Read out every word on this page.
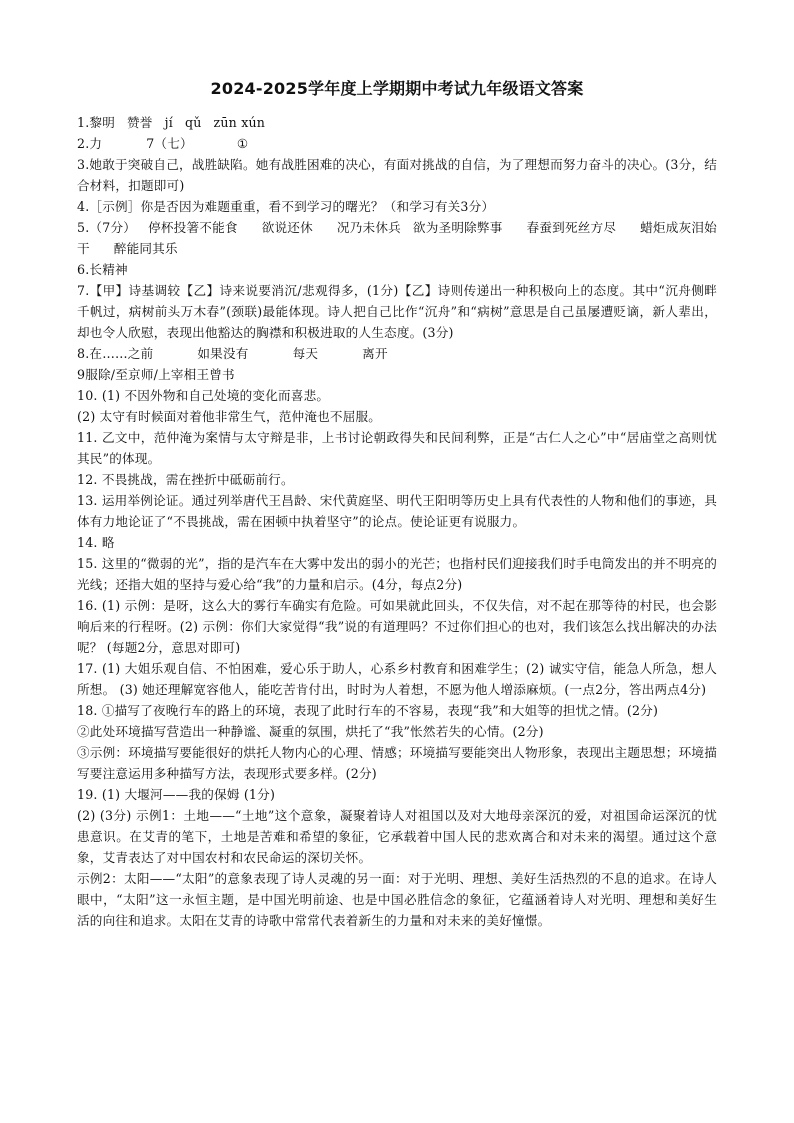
2024-2025学年度上学期期中考试九年级语文答案

1.黎明 赞誉 jí qǔ zūn xún

2.力	7（七）	①

3.她敢于突破自己，战胜缺陷。她有战胜困难的决心，有面对挑战的自信，为了理想而努力奋斗的决心。(3分，结合材料，扣题即可)

4.［示例］你是否因为难题重重，看不到学习的曙光？（和学习有关3分）

5.（7分） 停杯投箸不能食 欲说还休 况乃未休兵 欲为圣明除弊事 春蚕到死丝方尽 蜡炬成灰泪始干 醉能同其乐

6.长精神

7.【甲】诗基调较【乙】诗来说要消沉/悲观得多，(1分)【乙】诗则传递出一种积极向上的态度。其中“沉舟侧畔千帆过，病树前头万木春”(颈联)最能体现。诗人把自己比作“沉舟”和“病树”意思是自己虽屡遭贬谪，新人辈出，却也令人欣慰，表现出他豁达的胸襟和积极进取的人生态度。(3分)

8.在……之前	如果没有	每天	离开

9服除/至京师/上宰相王曾书

10. (1) 不因外物和自己处境的变化而喜悲。

(2) 太守有时候面对着他非常生气，范仲淹也不屈服。

11. 乙文中，范仲淹为案情与太守辩是非，上书讨论朝政得失和民间利弊，正是“古仁人之心”中“居庙堂之高则忧其民”的体现。

12. 不畏挑战，需在挫折中砥砺前行。

13. 运用举例论证。通过列举唐代王昌龄、宋代黄庭坚、明代王阳明等历史上具有代表性的人物和他们的事迹，具体有力地论证了“不畏挑战，需在困顿中执着坚守”的论点。使论证更有说服力。

14. 略

15. 这里的“微弱的光”，指的是汽车在大雾中发出的弱小的光芒；也指村民们迎接我们时手电筒发出的并不明亮的光线；还指大姐的坚持与爱心给“我”的力量和启示。(4分，每点2分)

16. (1) 示例：是呀，这么大的雾行车确实有危险。可如果就此回头，不仅失信，对不起在那等待的村民，也会影响后来的行程呀。(2) 示例：你们大家觉得“我”说的有道理吗？不过你们担心的也对，我们该怎么找出解决的办法呢？ (每题2分，意思对即可)

17. (1) 大姐乐观自信、不怕困难，爱心乐于助人，心系乡村教育和困难学生；(2) 诚实守信，能急人所急，想人所想。 (3) 她还理解宽容他人，能吃苦肯付出，时时为人着想，不愿为他人增添麻烦。(一点2分，答出两点4分)

18. ①描写了夜晚行车的路上的环境，表现了此时行车的不容易，表现“我”和大姐等的担忧之情。(2分)

②此处环境描写营造出一种静谧、凝重的氛围，烘托了“我”怅然若失的心情。(2分)

③示例：环境描写要能很好的烘托人物内心的心理、情感；环境描写要能突出人物形象，表现出主题思想；环境描写要注意运用多种描写方法，表现形式要多样。(2分)

19. (1) 大堰河——我的保姆 (1分)

(2) (3分) 示例1：土地——“土地”这个意象，凝聚着诗人对祖国以及对大地母亲深沉的爱，对祖国命运深沉的忧患意识。在艾青的笔下，土地是苦难和希望的象征，它承载着中国人民的悲欢离合和对未来的渴望。通过这个意象，艾青表达了对中国农村和农民命运的深切关怀。

示例2：太阳——“太阳”的意象表现了诗人灵魂的另一面：对于光明、理想、美好生活热烈的不息的追求。在诗人眼中，“太阳”这一永恒主题，是中国光明前途、也是中国必胜信念的象征，它蕴涵着诗人对光明、理想和美好生活的向往和追求。太阳在艾青的诗歌中常常代表着新生的力量和对未来的美好憧憬。
